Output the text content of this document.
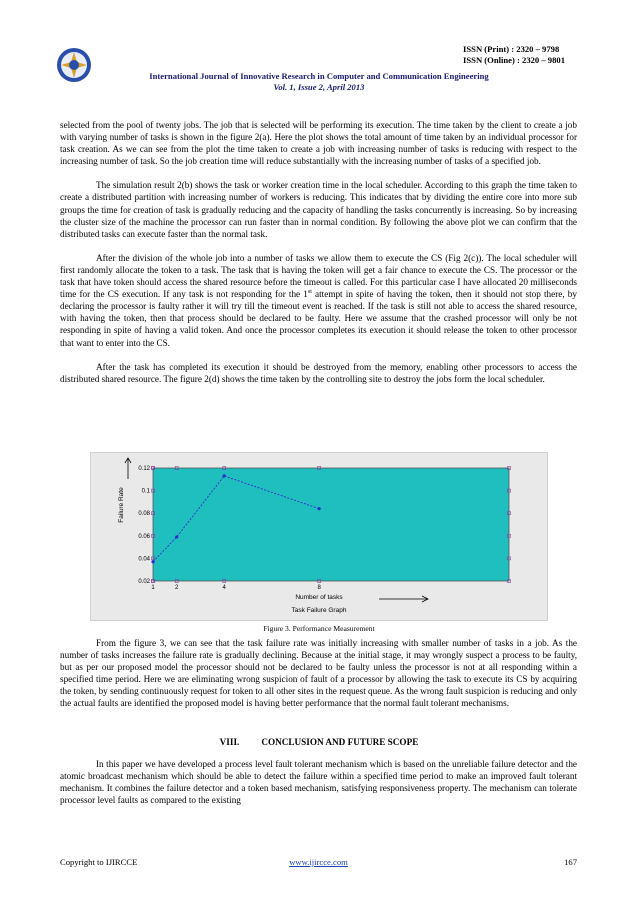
ISSN (Print) : 2320 – 9798
ISSN (Online) : 2320 – 9801
International Journal of Innovative Research in Computer and Communication Engineering
Vol. 1, Issue 2, April 2013

selected from the pool of twenty jobs. The job that is selected will be performing its execution. The time taken by the client to create a job with varying number of tasks is shown in the figure 2(a). Here the plot shows the total amount of time taken by an individual processor for task creation. As we can see from the plot the time taken to create a job with increasing number of tasks is reducing with respect to the increasing number of task. So the job creation time will reduce substantially with the increasing number of tasks of a specified job.

The simulation result 2(b) shows the task or worker creation time in the local scheduler. According to this graph the time taken to create a distributed partition with increasing number of workers is reducing. This indicates that by dividing the entire core into more sub groups the time for creation of task is gradually reducing and the capacity of handling the tasks concurrently is increasing. So by increasing the cluster size of the machine the processor can run faster than in normal condition. By following the above plot we can confirm that the distributed tasks can execute faster than the normal task.

After the division of the whole job into a number of tasks we allow them to execute the CS (Fig 2(c)). The local scheduler will first randomly allocate the token to a task. The task that is having the token will get a fair chance to execute the CS. The processor or the task that have token should access the shared resource before the timeout is called. For this particular case I have allocated 20 milliseconds time for the CS execution. If any task is not responding for the 1st attempt in spite of having the token, then it should not stop there, by declaring the processor is faulty rather it will try till the timeout event is reached. If the task is still not able to access the shared resource, with having the token, then that process should be declared to be faulty. Here we assume that the crashed processor will only be not responding in spite of having a valid token. And once the processor completes its execution it should release the token to other processor that want to enter into the CS.

After the task has completed its execution it should be destroyed from the memory, enabling other processors to access the distributed shared resource. The figure 2(d) shows the time taken by the controlling site to destroy the jobs form the local scheduler.

0.02
0.04
0.06
0.08
0.1
0.12
1	2	4	8
Failure Rate
Number of tasks
Task Failure Graph
Figure 3. Performance Measurement

From the figure 3, we can see that the task failure rate was initially increasing with smaller number of tasks in a job. As the number of tasks increases the failure rate is gradually declining. Because at the initial stage, it may wrongly suspect a process to be faulty, but as per our proposed model the processor should not be declared to be faulty unless the processor is not at all responding within a specified time period. Here we are eliminating wrong suspicion of fault of a processor by allowing the task to execute its CS by acquiring the token, by sending continuously request for token to all other sites in the request queue. As the wrong fault suspicion is reducing and only the actual faults are identified the proposed model is having better performance that the normal fault tolerant mechanisms.

VIII. CONCLUSION AND FUTURE SCOPE

In this paper we have developed a process level fault tolerant mechanism which is based on the unreliable failure detector and the atomic broadcast mechanism which should be able to detect the failure within a specified time period to make an improved fault tolerant mechanism. It combines the failure detector and a token based mechanism, satisfying responsiveness property. The mechanism can tolerate processor level faults as compared to the existing

Copyright to IJIRCCE	www.ijircce.com	167
